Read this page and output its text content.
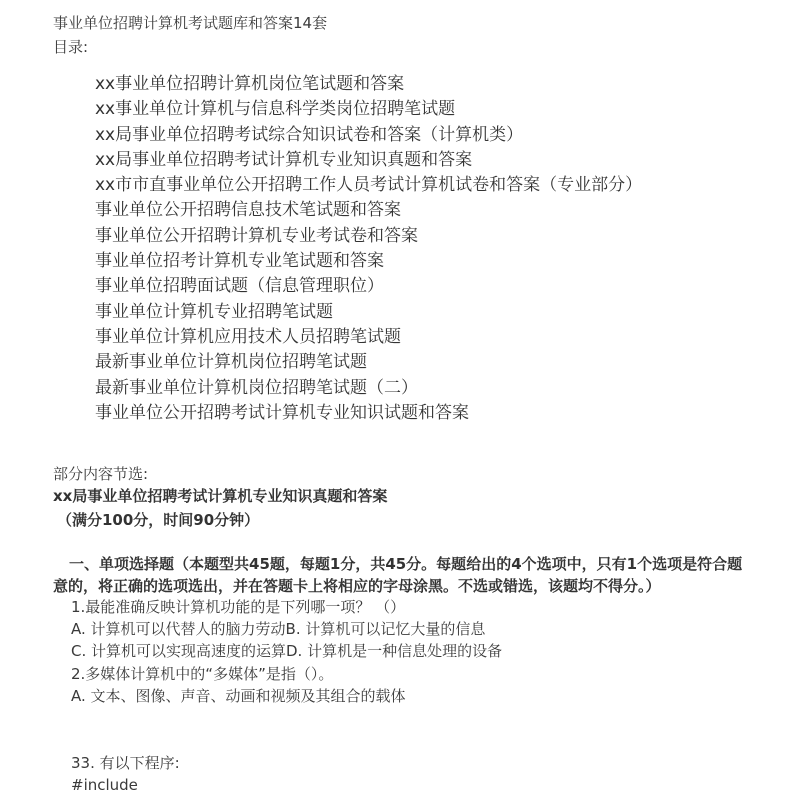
事业单位招聘计算机考试题库和答案14套
目录:
xx事业单位招聘计算机岗位笔试题和答案
xx事业单位计算机与信息科学类岗位招聘笔试题
xx局事业单位招聘考试综合知识试卷和答案（计算机类）
xx局事业单位招聘考试计算机专业知识真题和答案
xx市市直事业单位公开招聘工作人员考试计算机试卷和答案（专业部分）
事业单位公开招聘信息技术笔试题和答案
事业单位公开招聘计算机专业考试卷和答案
事业单位招考计算机专业笔试题和答案
事业单位招聘面试题（信息管理职位）
事业单位计算机专业招聘笔试题
事业单位计算机应用技术人员招聘笔试题
最新事业单位计算机岗位招聘笔试题
最新事业单位计算机岗位招聘笔试题（二）
事业单位公开招聘考试计算机专业知识试题和答案
部分内容节选:
xx局事业单位招聘考试计算机专业知识真题和答案
（满分100分，时间90分钟）
一、单项选择题（本题型共45题，每题1分，共45分。每题给出的4个选项中，只有1个选项是符合题意的，将正确的选项选出，并在答题卡上将相应的字母涂黑。不选或错选，该题均不得分。）
1.最能准确反映计算机功能的是下列哪一项？ （）
A. 计算机可以代替人的脑力劳动B. 计算机可以记忆大量的信息
C. 计算机可以实现高速度的运算D. 计算机是一种信息处理的设备
2.多媒体计算机中的“多媒体”是指（）。
A. 文本、图像、声音、动画和视频及其组合的载体
33. 有以下程序:
#include
